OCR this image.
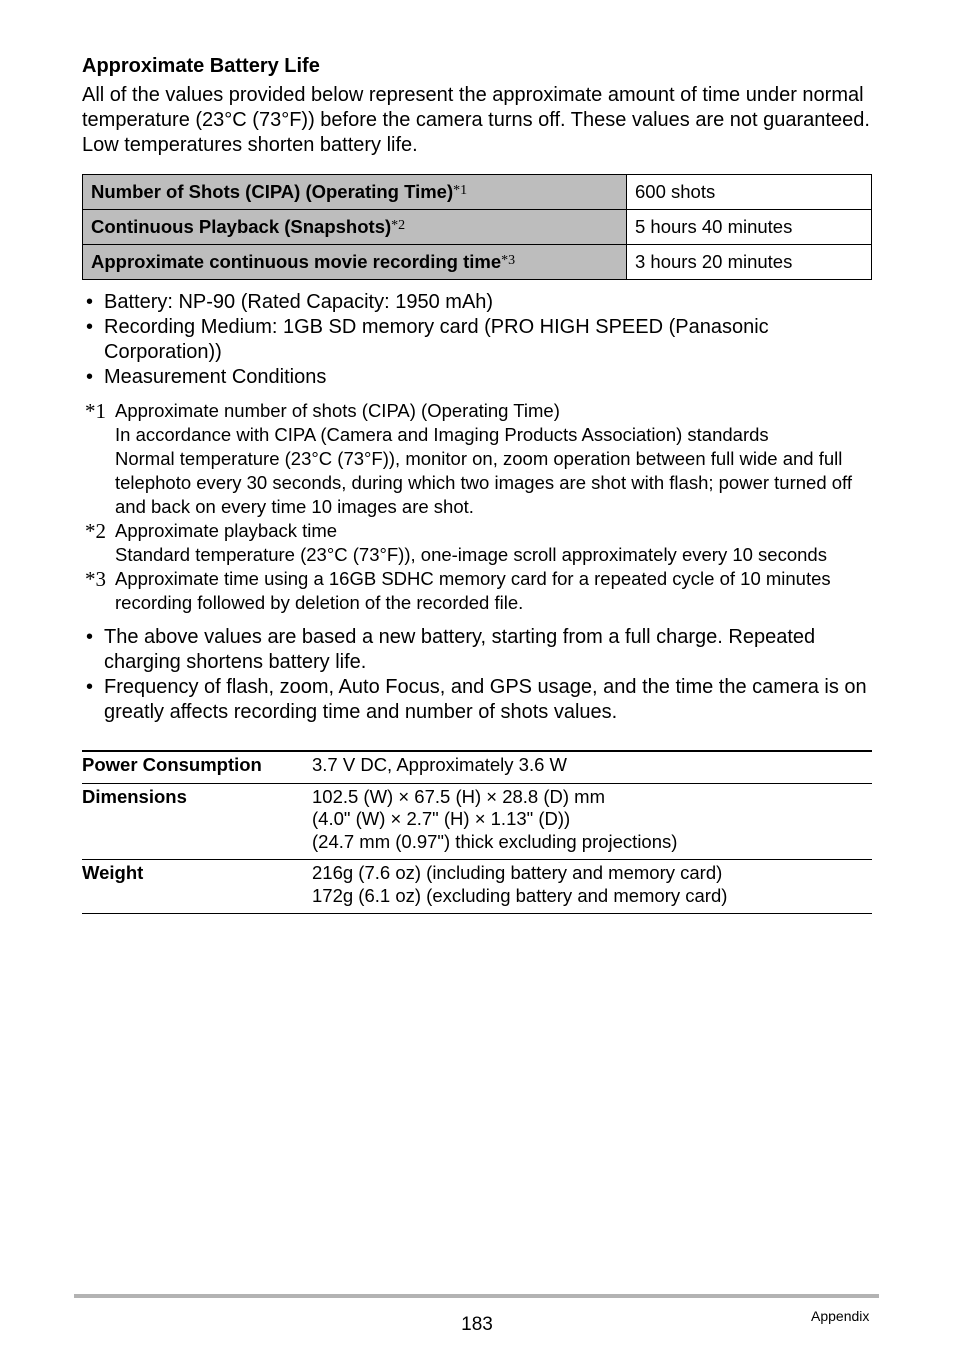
Approximate Battery Life

All of the values provided below represent the approximate amount of time under normal temperature (23°C (73°F)) before the camera turns off. These values are not guaranteed. Low temperatures shorten battery life.

Number of Shots (CIPA) (Operating Time)$^{*1}$	600 shots
Continuous Playback (Snapshots)$^{*2}$	5 hours 40 minutes
Approximate continuous movie recording time$^{*3}$	3 hours 20 minutes
• Battery: NP-90 (Rated Capacity: 1950 mAh)
• Recording Medium: 1GB SD memory card (PRO HIGH SPEED (Panasonic Corporation))
• Measurement Conditions
*1 Approximate number of shots (CIPA) (Operating Time)
In accordance with CIPA (Camera and Imaging Products Association) standards
Normal temperature (23°C (73°F)), monitor on, zoom operation between full wide and full telephoto every 30 seconds, during which two images are shot with flash; power turned off and back on every time 10 images are shot.
*2 Approximate playback time
Standard temperature (23°C (73°F)), one-image scroll approximately every 10 seconds
*3 Approximate time using a 16GB SDHC memory card for a repeated cycle of 10 minutes recording followed by deletion of the recorded file.
• The above values are based a new battery, starting from a full charge. Repeated charging shortens battery life.
• Frequency of flash, zoom, Auto Focus, and GPS usage, and the time the camera is on greatly affects recording time and number of shots values.
Power Consumption	3.7 V DC, Approximately 3.6 W
Dimensions	102.5 (W) × 67.5 (H) × 28.8 (D) mm
(4.0" (W) × 2.7" (H) × 1.13" (D))
(24.7 mm (0.97") thick excluding projections)
Weight	216g (7.6 oz) (including battery and memory card)
172g (6.1 oz) (excluding battery and memory card)
183	Appendix
